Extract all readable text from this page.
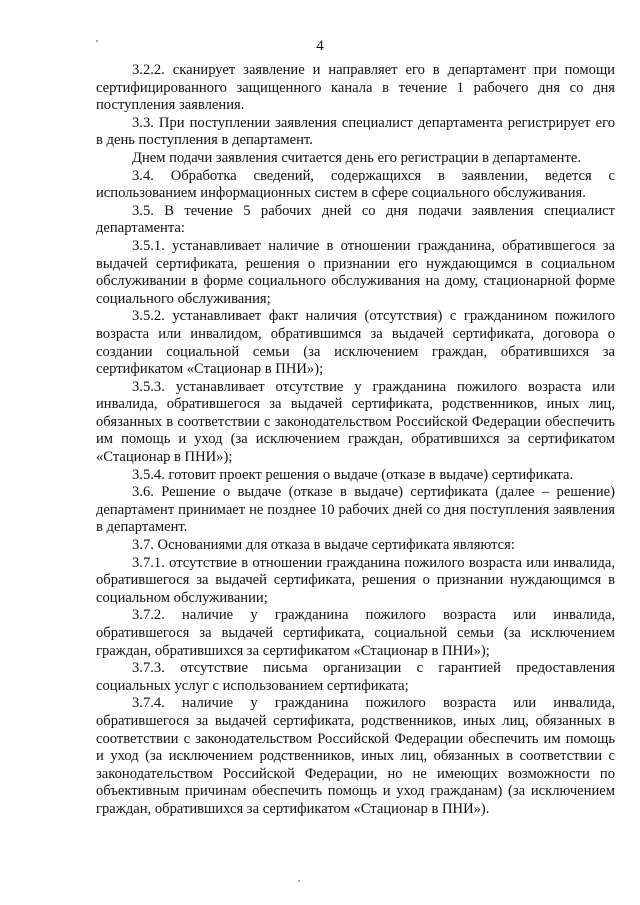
4

3.2.2. сканирует заявление и направляет его в департамент при помощи сертифицированного защищенного канала в течение 1 рабочего дня со дня поступления заявления.

3.3. При поступлении заявления специалист департамента регистрирует его в день поступления в департамент.

Днем подачи заявления считается день его регистрации в департаменте.

3.4. Обработка сведений, содержащихся в заявлении, ведется с использованием информационных систем в сфере социального обслуживания.

3.5. В течение 5 рабочих дней со дня подачи заявления специалист департамента:

3.5.1. устанавливает наличие в отношении гражданина, обратившегося за выдачей сертификата, решения о признании его нуждающимся в социальном обслуживании в форме социального обслуживания на дому, стационарной форме социального обслуживания;

3.5.2. устанавливает факт наличия (отсутствия) с гражданином пожилого возраста или инвалидом, обратившимся за выдачей сертификата, договора о создании социальной семьи (за исключением граждан, обратившихся за сертификатом «Стационар в ПНИ»);

3.5.3. устанавливает отсутствие у гражданина пожилого возраста или инвалида, обратившегося за выдачей сертификата, родственников, иных лиц, обязанных в соответствии с законодательством Российской Федерации обеспечить им помощь и уход (за исключением граждан, обратившихся за сертификатом «Стационар в ПНИ»);

3.5.4. готовит проект решения о выдаче (отказе в выдаче) сертификата.

3.6. Решение о выдаче (отказе в выдаче) сертификата (далее – решение) департамент принимает не позднее 10 рабочих дней со дня поступления заявления в департамент.

3.7. Основаниями для отказа в выдаче сертификата являются:

3.7.1. отсутствие в отношении гражданина пожилого возраста или инвалида, обратившегося за выдачей сертификата, решения о признании нуждающимся в социальном обслуживании;

3.7.2. наличие у гражданина пожилого возраста или инвалида, обратившегося за выдачей сертификата, социальной семьи (за исключением граждан, обратившихся за сертификатом «Стационар в ПНИ»);

3.7.3. отсутствие письма организации с гарантией предоставления социальных услуг с использованием сертификата;

3.7.4. наличие у гражданина пожилого возраста или инвалида, обратившегося за выдачей сертификата, родственников, иных лиц, обязанных в соответствии с законодательством Российской Федерации обеспечить им помощь и уход (за исключением родственников, иных лиц, обязанных в соответствии с законодательством Российской Федерации, но не имеющих возможности по объективным причинам обеспечить помощь и уход гражданам) (за исключением граждан, обратившихся за сертификатом «Стационар в ПНИ»).
